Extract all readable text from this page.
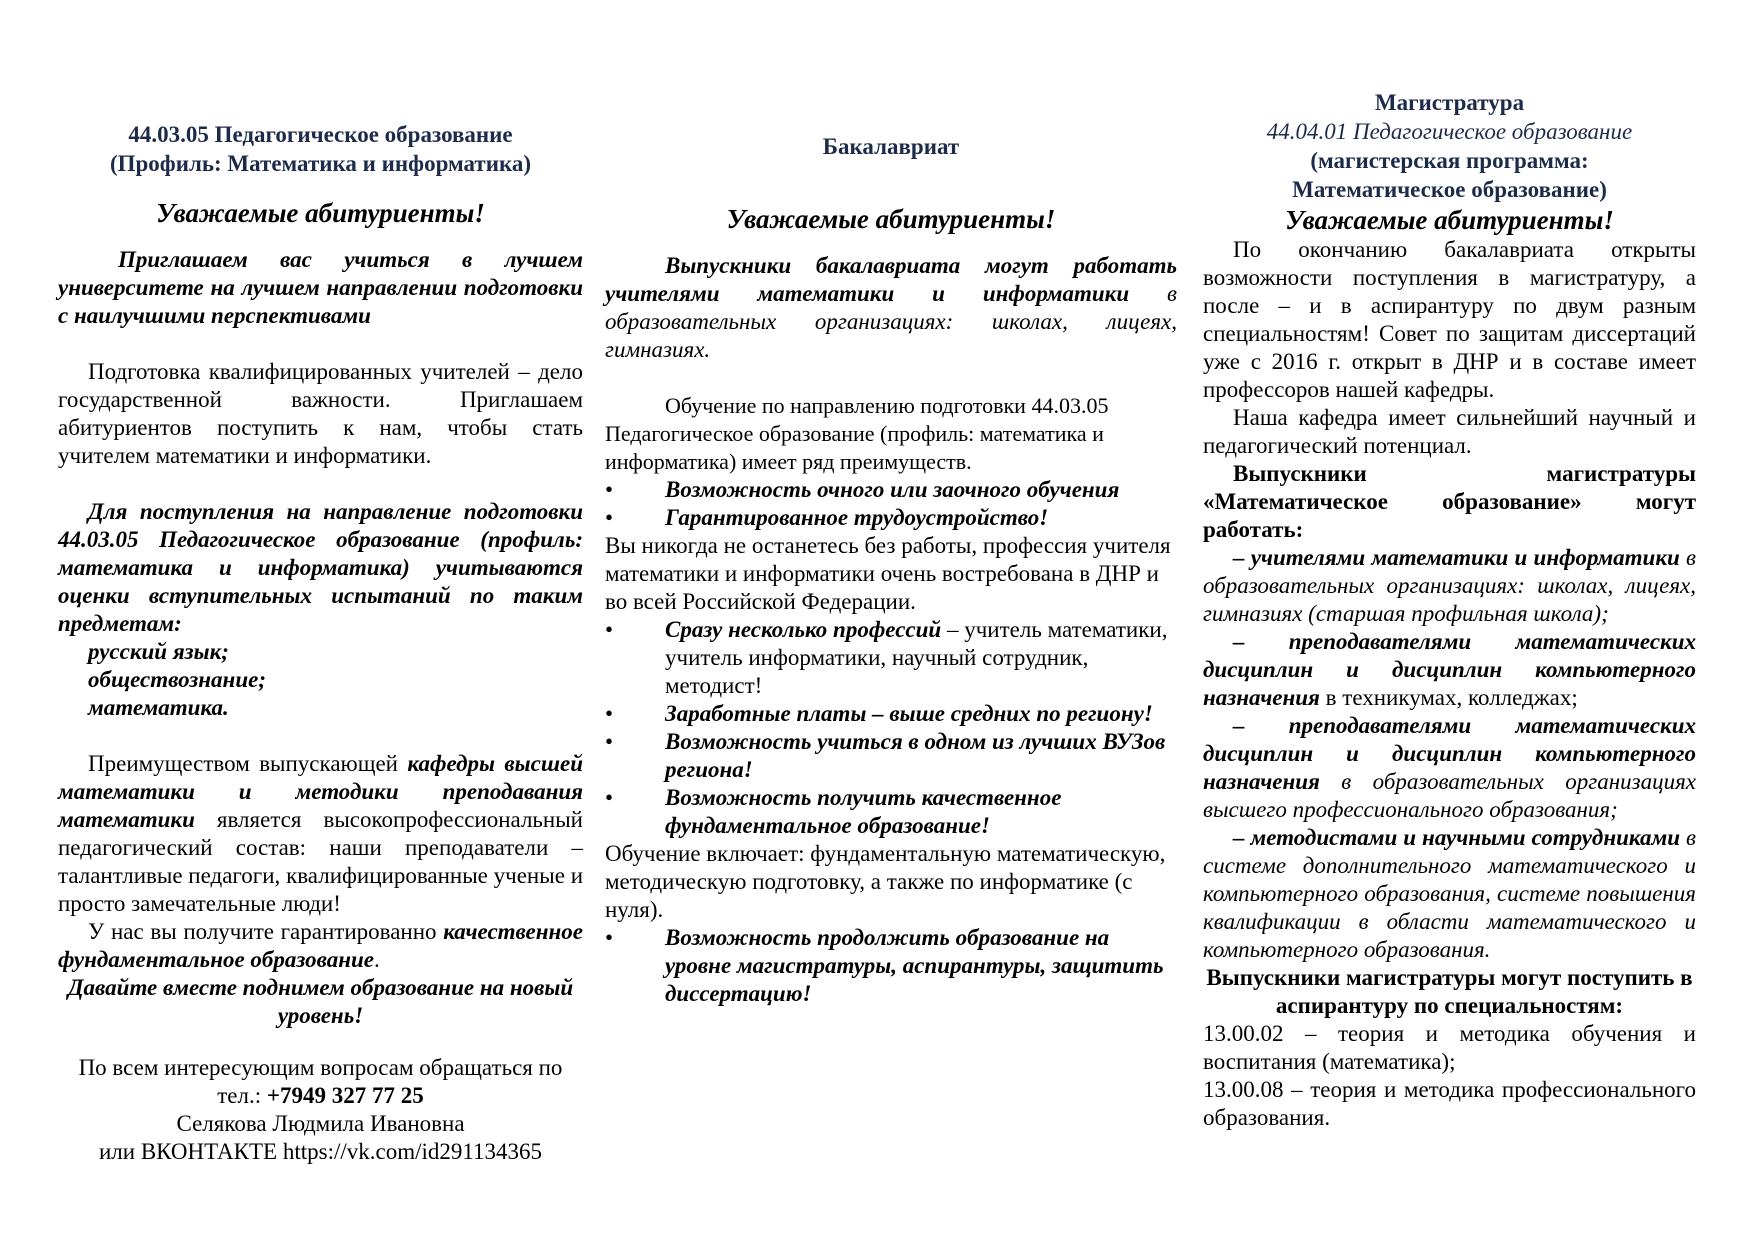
44.03.05 Педагогическое образование
(Профиль: Математика и информатика)
Уважаемые абитуриенты!

Приглашаем вас учиться в лучшем университете на лучшем направлении подготовки с наилучшими перспективами

Подготовка квалифицированных учителей – дело государственной важности. Приглашаем абитуриентов поступить к нам, чтобы стать учителем математики и информатики.

Для поступления на направление подготовки 44.03.05 Педагогическое образование (профиль: математика и информатика) учитываются оценки вступительных испытаний по таким предметам:

русский язык;
обществознание;
математика.

Преимуществом выпускающей кафедры высшей математики и методики преподавания математики является высокопрофессиональный педагогический состав: наши преподаватели – талантливые педагоги, квалифицированные ученые и просто замечательные люди!

У нас вы получите гарантированно качественное фундаментальное образование.

Давайте вместе поднимем образование на новый уровень!

По всем интересующим вопросам обращаться по
тел.: +7949 327 77 25
Селякова Людмила Ивановна
или ВКОНТАКТЕ https://vk.com/id291134365
Бакалавриат
Уважаемые абитуриенты!

Выпускники бакалавриата могут работать учителями математики и информатики в образовательных организациях: школах, лицеях, гимназиях.

Обучение по направлению подготовки 44.03.05 Педагогическое образование (профиль: математика и информатика) имеет ряд преимуществ.

•	Возможность очного или заочного обучения
•	Гарантированное трудоустройство!

Вы никогда не останетесь без работы, профессия учителя математики и информатики очень востребована в ДНР и во всей Российской Федерации.

•	Сразу несколько профессий – учитель математики, учитель информатики, научный сотрудник, методист!
•	Заработные платы – выше средних по региону!
•	Возможность учиться в одном из лучших ВУЗов региона!
•	Возможность получить качественное фундаментальное образование!

Обучение включает: фундаментальную математическую, методическую подготовку, а также по информатике (с нуля).

•	Возможность продолжить образование на уровне магистратуры, аспирантуры, защитить диссертацию!
Магистратура
44.04.01 Педагогическое образование
(магистерская программа:
Математическое образование)
Уважаемые абитуриенты!

По окончанию бакалавриата открыты возможности поступления в магистратуру, а после – и в аспирантуру по двум разным специальностям! Совет по защитам диссертаций уже с 2016 г. открыт в ДНР и в составе имеет профессоров нашей кафедры.

Наша кафедра имеет сильнейший научный и педагогический потенциал.

Выпускники магистратуры «Математическое образование» могут работать:

– учителями математики и информатики в образовательных организациях: школах, лицеях, гимназиях (старшая профильная школа);

– преподавателями математических дисциплин и дисциплин компьютерного назначения в техникумах, колледжах;

– преподавателями математических дисциплин и дисциплин компьютерного назначения в образовательных организациях высшего профессионального образования;

– методистами и научными сотрудниками в системе дополнительного математического и компьютерного образования, системе повышения квалификации в области математического и компьютерного образования.

Выпускники магистратуры могут поступить в аспирантуру по специальностям:

13.00.02 – теория и методика обучения и воспитания (математика);

13.00.08 – теория и методика профессионального образования.
